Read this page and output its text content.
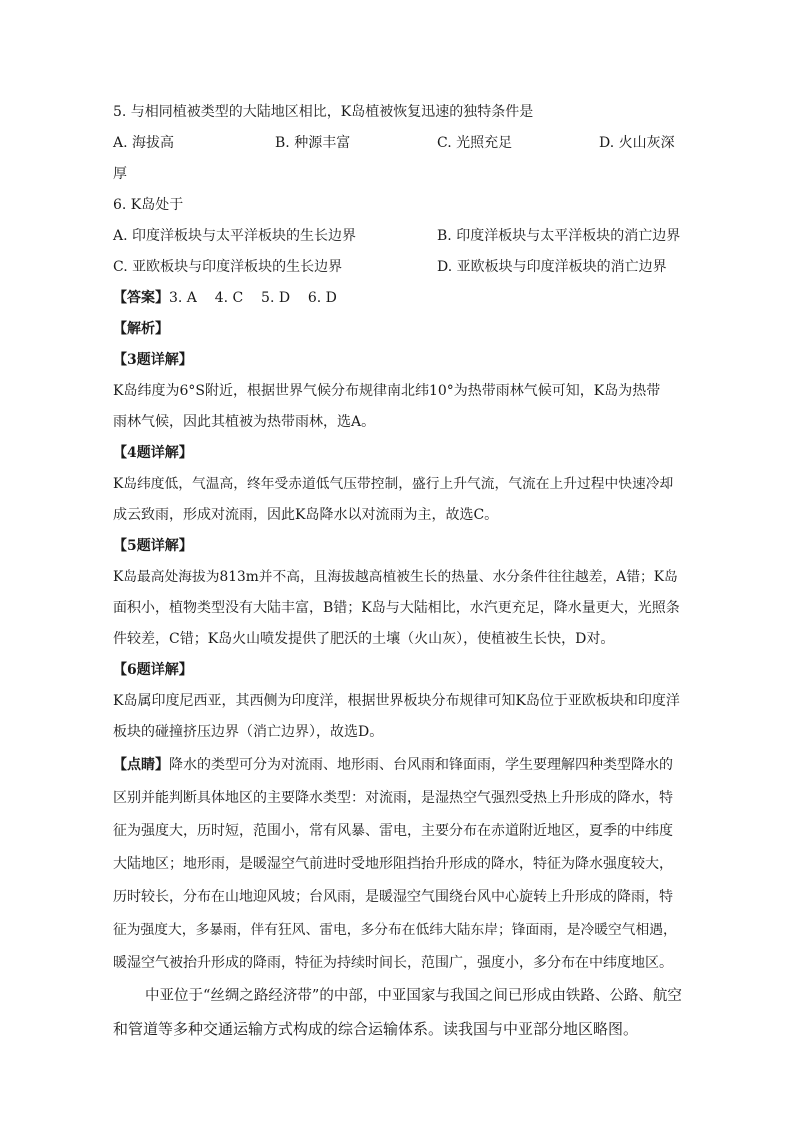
5. 与相同植被类型的大陆地区相比，K岛植被恢复迅速的独特条件是
A. 海拔高	B. 种源丰富	C. 光照充足	D. 火山灰深
厚
6. K岛处于
A. 印度洋板块与太平洋板块的生长边界	B. 印度洋板块与太平洋板块的消亡边界
C. 亚欧板块与印度洋板块的生长边界	D. 亚欧板块与印度洋板块的消亡边界
【答案】3. A    4. C    5. D    6. D
【解析】
【3题详解】
K岛纬度为6°S附近，根据世界气候分布规律南北纬10°为热带雨林气候可知，K岛为热带
雨林气候，因此其植被为热带雨林，选A。
【4题详解】
K岛纬度低，气温高，终年受赤道低气压带控制，盛行上升气流，气流在上升过程中快速冷却
成云致雨，形成对流雨，因此K岛降水以对流雨为主，故选C。
【5题详解】
K岛最高处海拔为813m并不高，且海拔越高植被生长的热量、水分条件往往越差，A错；K岛
面积小，植物类型没有大陆丰富，B错；K岛与大陆相比，水汽更充足，降水量更大，光照条
件较差，C错；K岛火山喷发提供了肥沃的土壤（火山灰），使植被生长快，D对。
【6题详解】
K岛属印度尼西亚，其西侧为印度洋，根据世界板块分布规律可知K岛位于亚欧板块和印度洋
板块的碰撞挤压边界（消亡边界），故选D。
【点睛】降水的类型可分为对流雨、地形雨、台风雨和锋面雨，学生要理解四种类型降水的
区别并能判断具体地区的主要降水类型：对流雨，是湿热空气强烈受热上升形成的降水，特
征为强度大，历时短，范围小，常有风暴、雷电，主要分布在赤道附近地区，夏季的中纬度
大陆地区；地形雨，是暖湿空气前进时受地形阻挡抬升形成的降水，特征为降水强度较大，
历时较长，分布在山地迎风坡；台风雨，是暖湿空气围绕台风中心旋转上升形成的降雨，特
征为强度大，多暴雨，伴有狂风、雷电，多分布在低纬大陆东岸；锋面雨，是冷暖空气相遇，
暖湿空气被抬升形成的降雨，特征为持续时间长，范围广，强度小，多分布在中纬度地区。
中亚位于“丝绸之路经济带”的中部，中亚国家与我国之间已形成由铁路、公路、航空
和管道等多种交通运输方式构成的综合运输体系。读我国与中亚部分地区略图。
